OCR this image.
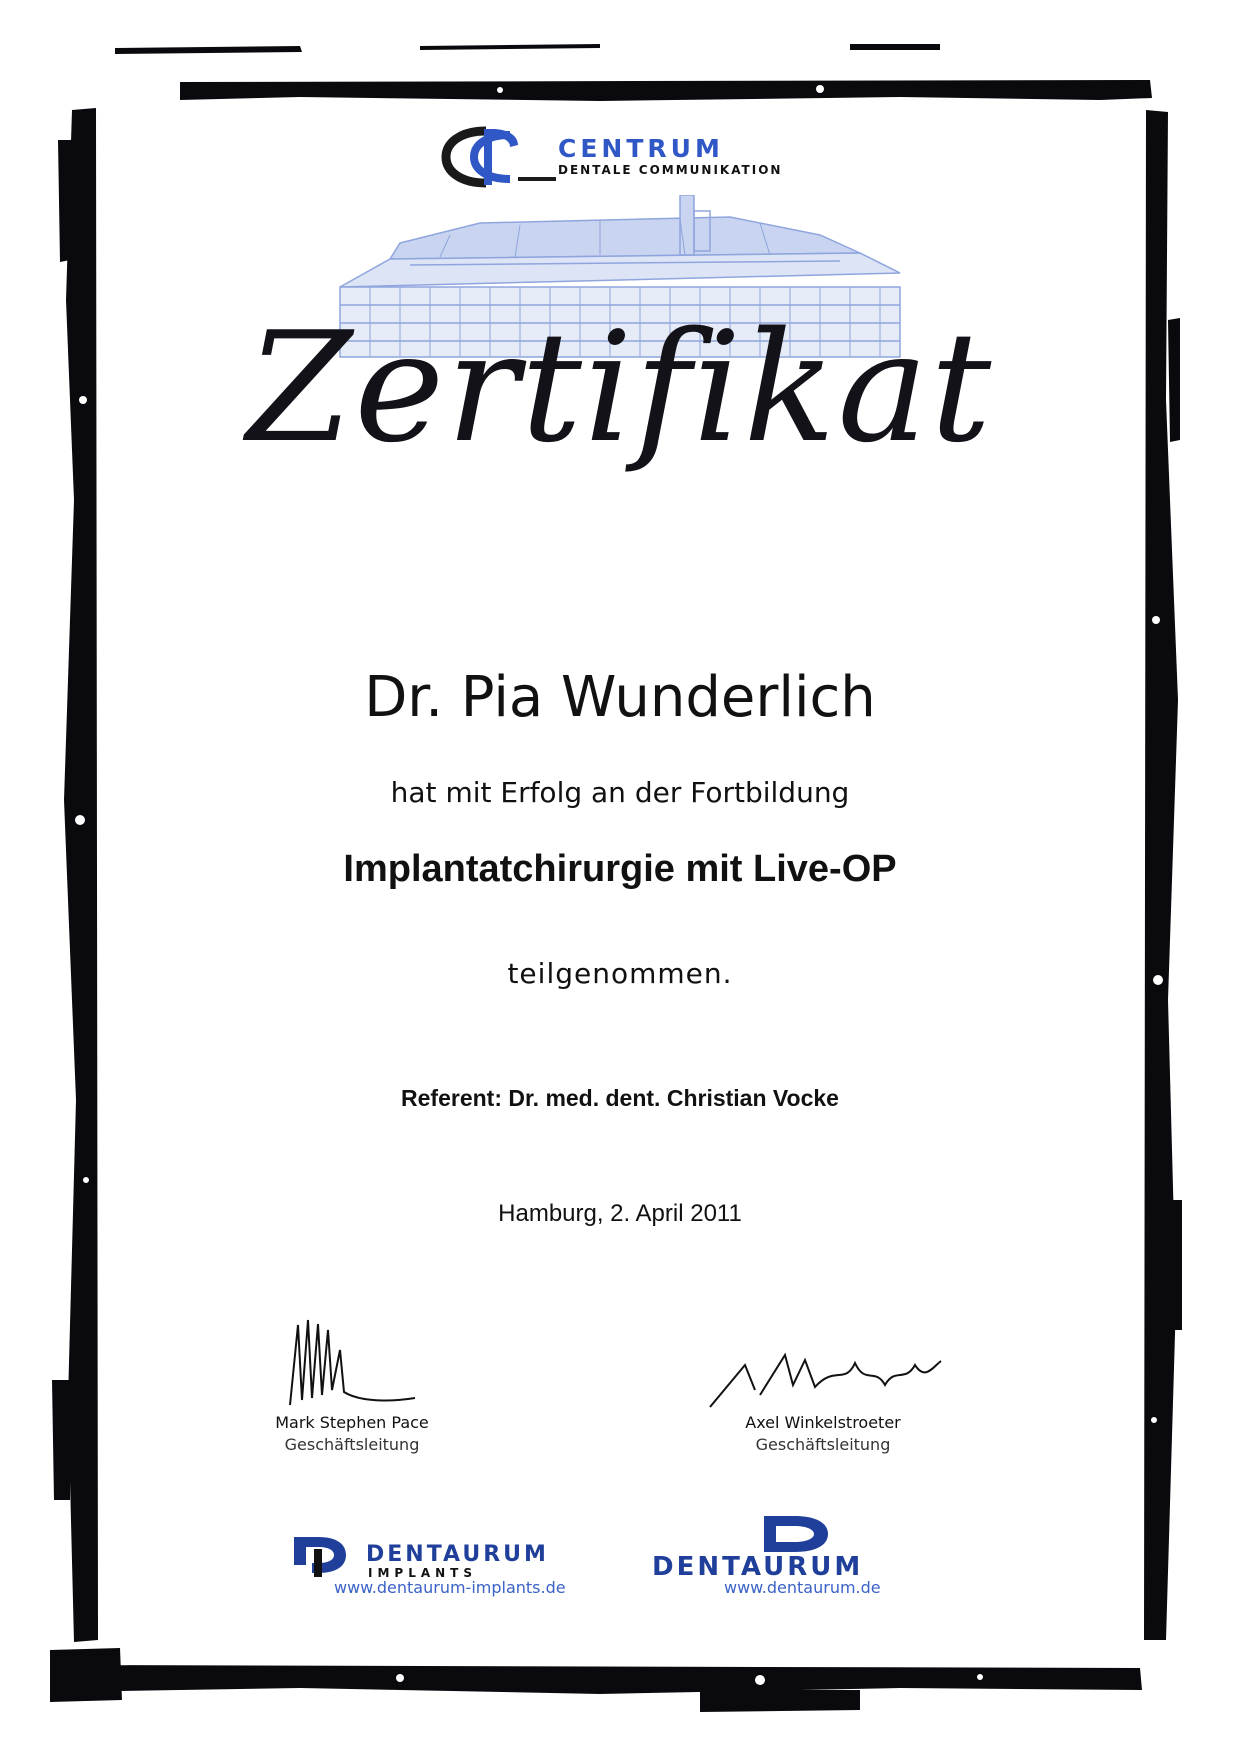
CENTRUM
DENTALE COMMUNIKATION
Zertifikat
Dr. Pia Wunderlich
hat mit Erfolg an der Fortbildung
Implantatchirurgie mit Live-OP
teilgenommen.
Referent: Dr. med. dent. Christian Vocke
Hamburg, 2. April 2011
Mark Stephen Pace
Geschäftsleitung
Axel Winkelstroeter
Geschäftsleitung
DENTAURUM
IMPLANTS
www.dentaurum-implants.de
DENTAURUM
www.dentaurum.de
